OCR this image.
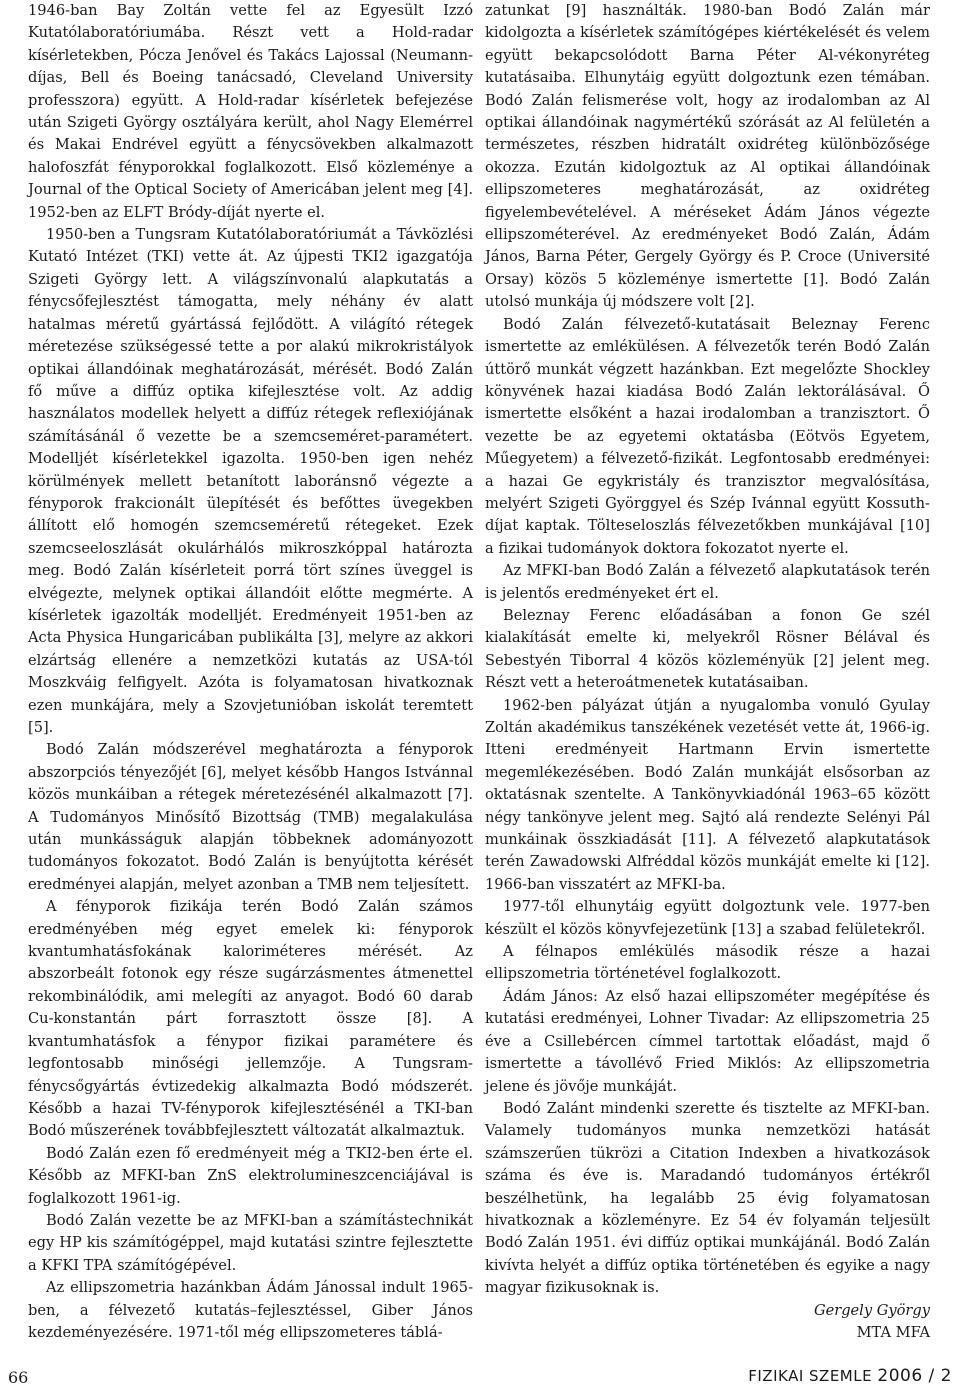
1946-ban Bay Zoltán vette fel az Egyesült Izzó Kutatólaboratóriumába. Részt vett a Hold-radar kísérletekben, Pócza Jenővel és Takács Lajossal (Neumann-díjas, Bell és Boeing tanácsadó, Cleveland University professzora) együtt. A Hold-radar kísérletek befejezése után Szigeti György osztályára került, ahol Nagy Elemérrel és Makai Endrével együtt a fénycsövekben alkalmazott halofoszfát fényporokkal foglalkozott. Első közleménye a Journal of the Optical Society of Americában jelent meg [4]. 1952-ben az ELFT Bródy-díját nyerte el.

1950-ben a Tungsram Kutatólaboratóriumát a Távközlési Kutató Intézet (TKI) vette át. Az újpesti TKI2 igazgatója Szigeti György lett. A világszínvonalú alapkutatás a fénycsőfejlesztést támogatta, mely néhány év alatt hatalmas méretű gyártássá fejlődött. A világító rétegek méretezése szükségessé tette a por alakú mikrokristályok optikai állandóinak meghatározását, mérését. Bodó Zalán fő műve a diffúz optika kifejlesztése volt. Az addig használatos modellek helyett a diffúz rétegek reflexiójának számításánál ő vezette be a szemcseméret-paramétert. Modelljét kísérletekkel igazolta. 1950-ben igen nehéz körülmények mellett betanított laboránsnő végezte a fényporok frakcionált ülepítését és befőttes üvegekben állított elő homogén szemcseméretű rétegeket. Ezek szemcseeloszlását okulárhálós mikroszkóppal határozta meg. Bodó Zalán kísérleteit porrá tört színes üveggel is elvégezte, melynek optikai állandóit előtte megmérte. A kísérletek igazolták modelljét. Eredményeit 1951-ben az Acta Physica Hungaricában publikálta [3], melyre az akkori elzártság ellenére a nemzetközi kutatás az USA-tól Moszkváig felfigyelt. Azóta is folyamatosan hivatkoznak ezen munkájára, mely a Szovjetunióban iskolát teremtett [5].

Bodó Zalán módszerével meghatározta a fényporok abszorpciós tényezőjét [6], melyet később Hangos Istvánnal közös munkáiban a rétegek méretezésénél alkalmazott [7]. A Tudományos Minősítő Bizottság (TMB) megalakulása után munkásságuk alapján többeknek adományozott tudományos fokozatot. Bodó Zalán is benyújtotta kérését eredményei alapján, melyet azonban a TMB nem teljesített.

A fényporok fizikája terén Bodó Zalán számos eredményében még egyet emelek ki: fényporok kvantumhatásfokának kaloriméteres mérését. Az abszorbeált fotonok egy része sugárzásmentes átmenettel rekombinálódik, ami melegíti az anyagot. Bodó 60 darab Cu-konstantán párt forrasztott össze [8]. A kvantumhatásfok a fénypor fizikai paramétere és legfontosabb minőségi jellemzője. A Tungsram-fénycsőgyártás évtizedekig alkalmazta Bodó módszerét. Később a hazai TV-fényporok kifejlesztésénél a TKI-ban Bodó műszerének továbbfejlesztett változatát alkalmaztuk.

Bodó Zalán ezen fő eredményeit még a TKI2-ben érte el. Később az MFKI-ban ZnS elektrolumineszcenciájával is foglalkozott 1961-ig.

Bodó Zalán vezette be az MFKI-ban a számítástechnikát egy HP kis számítógéppel, majd kutatási szintre fejlesztette a KFKI TPA számítógépével.

Az ellipszometria hazánkban Ádám Jánossal indult 1965-ben, a félvezető kutatás–fejlesztéssel, Giber János kezdeményezésére. 1971-től még ellipszometeres táblá-

zatunkat [9] használták. 1980-ban Bodó Zalán már kidolgozta a kísérletek számítógépes kiértékelését és velem együtt bekapcsolódott Barna Péter Al-vékonyréteg kutatásaiba. Elhunytáig együtt dolgoztunk ezen témában. Bodó Zalán felismerése volt, hogy az irodalomban az Al optikai állandóinak nagymértékű szórását az Al felületén a természetes, részben hidratált oxidréteg különbözősége okozza. Ezután kidolgoztuk az Al optikai állandóinak ellipszometeres meghatározását, az oxidréteg figyelembevételével. A méréseket Ádám János végezte ellipszométerével. Az eredményeket Bodó Zalán, Ádám János, Barna Péter, Gergely György és P. Croce (Université Orsay) közös 5 közleménye ismertette [1]. Bodó Zalán utolsó munkája új módszere volt [2].

Bodó Zalán félvezető-kutatásait Beleznay Ferenc ismertette az emlékülésen. A félvezetők terén Bodó Zalán úttörő munkát végzett hazánkban. Ezt megelőzte Shockley könyvének hazai kiadása Bodó Zalán lektorálásával. Ő ismertette elsőként a hazai irodalomban a tranzisztort. Ő vezette be az egyetemi oktatásba (Eötvös Egyetem, Műegyetem) a félvezető-fizikát. Legfontosabb eredményei: a hazai Ge egykristály és tranzisztor megvalósítása, melyért Szigeti Györggyel és Szép Ivánnal együtt Kossuth-díjat kaptak. Tölteseloszlás félvezetőkben munkájával [10] a fizikai tudományok doktora fokozatot nyerte el.

Az MFKI-ban Bodó Zalán a félvezető alapkutatások terén is jelentős eredményeket ért el.

Beleznay Ferenc előadásában a fonon Ge szél kialakítását emelte ki, melyekről Rösner Bélával és Sebestyén Tiborral 4 közös közleményük [2] jelent meg. Részt vett a heteroátmenetek kutatásaiban.

1962-ben pályázat útján a nyugalomba vonuló Gyulay Zoltán akadémikus tanszékének vezetését vette át, 1966-ig. Itteni eredményeit Hartmann Ervin ismertette megemlékezésében. Bodó Zalán munkáját elsősorban az oktatásnak szentelte. A Tankönyvkiadónál 1963–65 között négy tankönyve jelent meg. Sajtó alá rendezte Selényi Pál munkáinak összkiadását [11]. A félvezető alapkutatások terén Zawadowski Alfréddal közös munkáját emelte ki [12]. 1966-ban visszatért az MFKI-ba.

1977-től elhunytáig együtt dolgoztunk vele. 1977-ben készült el közös könyvfejezetünk [13] a szabad felületekről.

A félnapos emlékülés második része a hazai ellipszometria történetével foglalkozott.

Ádám János: Az első hazai ellipszométer megépítése és kutatási eredményei, Lohner Tivadar: Az ellipszometria 25 éve a Csillebércen címmel tartottak előadást, majd ő ismertette a távollévő Fried Miklós: Az ellipszometria jelene és jövője munkáját.

Bodó Zalánt mindenki szerette és tisztelte az MFKI-ban. Valamely tudományos munka nemzetközi hatását számszerűen tükrözi a Citation Indexben a hivatkozások száma és éve is. Maradandó tudományos értékről beszélhetünk, ha legalább 25 évig folyamatosan hivatkoznak a közleményre. Ez 54 év folyamán teljesült Bodó Zalán 1951. évi diffúz optikai munkájánál. Bodó Zalán kivívta helyét a diffúz optika történetében és egyike a nagy magyar fizikusoknak is.

Gergely György

MTA MFA

66	FIZIKAI SZEMLE 2006 / 2
